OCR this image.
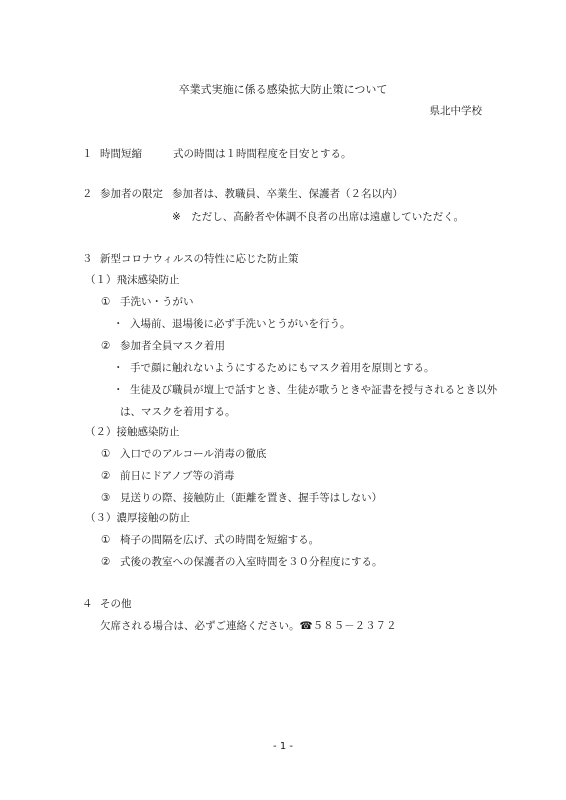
卒業式実施に係る感染拡大防止策について
県北中学校
１ 時間短縮	式の時間は１時間程度を目安とする。
２ 参加者の限定 参加者は、教職員、卒業生、保護者（２名以内）
※　ただし、高齢者や体調不良者の出席は遠慮していただく。
３ 新型コロナウィルスの特性に応じた防止策
（１）飛沫感染防止
① 手洗い・うがい
・ 入場前、退場後に必ず手洗いとうがいを行う。
② 参加者全員マスク着用
・ 手で顔に触れないようにするためにもマスク着用を原則とする。
・ 生徒及び職員が壇上で話すとき、生徒が歌うときや証書を授与されるとき以外
は、マスクを着用する。
（２）接触感染防止
① 入口でのアルコール消毒の徹底
② 前日にドアノブ等の消毒
③ 見送りの際、接触防止（距離を置き、握手等はしない）
（３）濃厚接触の防止
① 椅子の間隔を広げ、式の時間を短縮する。
② 式後の教室への保護者の入室時間を３０分程度にする。
４ その他
欠席される場合は、必ずご連絡ください。☎５８５－２３７２
- 1 -
